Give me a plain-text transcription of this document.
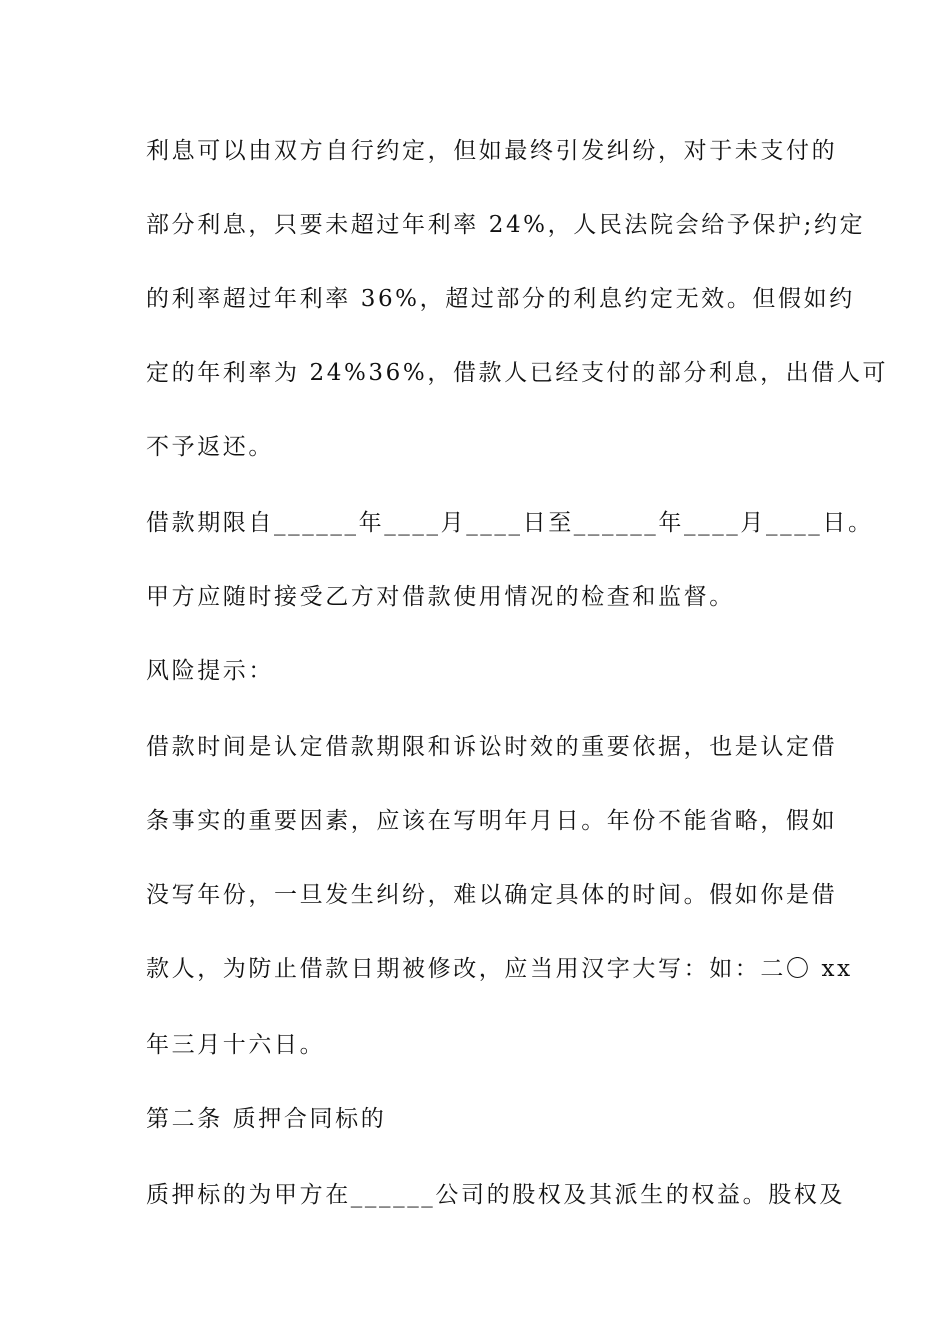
利息可以由双方自行约定，但如最终引发纠纷，对于未支付的
部分利息，只要未超过年利率 24%，人民法院会给予保护;约定
的利率超过年利率 36%，超过部分的利息约定无效。但假如约
定的年利率为 24%36%，借款人已经支付的部分利息，出借人可
不予返还。
借款期限自______年____月____日至______年____月____日。
甲方应随时接受乙方对借款使用情况的检查和监督。
风险提示：
借款时间是认定借款期限和诉讼时效的重要依据，也是认定借
条事实的重要因素，应该在写明年月日。年份不能省略，假如
没写年份，一旦发生纠纷，难以确定具体的时间。假如你是借
款人，为防止借款日期被修改，应当用汉字大写：如：二〇 xx
年三月十六日。
第二条 质押合同标的
质押标的为甲方在______公司的股权及其派生的权益。股权及
